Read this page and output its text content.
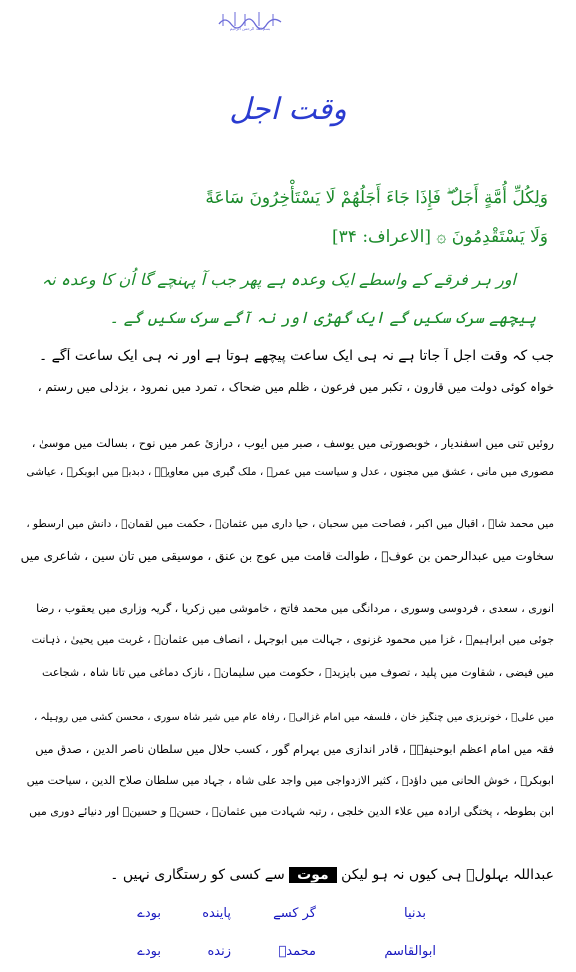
بسم اللہ الرحمن الرحیم
وقت اجل
وَلِكُلِّ أُمَّةٍ أَجَلٌ ۖ فَإِذَا جَاءَ أَجَلُهُمْ لَا يَسْتَأْخِرُونَ سَاعَةً
وَلَا يَسْتَقْدِمُونَ ۞ [الاعراف: ۳۴]
اور ہر فرقے کے واسطے ایک وعدہ ہے پھر جب آ پہنچے گا اُن کا وعدہ نہ
پیچھے سرک سکیں گے ایک گھڑی اور نہ آگے سرک سکیں گے ۔
جب کہ وقت اجل آ جاتا ہے نہ ہی ایک ساعت پیچھے ہوتا ہے اور نہ ہی ایک ساعت آگے ۔
خواہ کوئی دولت میں قارون ، تکبر میں فرعون ، ظلم میں ضحاک ، تمرد میں نمرود ، بزدلی میں رستم ،
روئیں تنی میں اسفندیار ، خوبصورتی میں یوسف ، صبر میں ایوب ، درازئ عمر میں نوح ، بسالت میں موسیٰ ،
مصوری میں مانی ، عشق میں مجنوں ، عدل و سیاست میں عمرؓ ، ملک گیری میں معاویہؓ ، دبدبہ میں ابوبکرؓ ، عیاشی
میں محمد شاہ ، اقبال میں اکبر ، فصاحت میں سحبان ، حیا داری میں عثمانؓ ، حکمت میں لقمانؑ ، دانش میں ارسطو ،
سخاوت میں عبدالرحمن بن عوفؓ ، طوالت قامت میں عوج بن عنق ، موسیقی میں تان سین ، شاعری میں
انوری ، سعدی ، فردوسی وسوری ، مردانگی میں محمد فاتح ، خاموشی میں زکریا ، گریہ وزاری میں یعقوب ، رضا
جوئی میں ابراہیمؑ ، غزا میں محمود غزنوی ، جہالت میں ابوجہل ، انصاف میں عثمانؓ ، غربت میں یحییٰ ، ذہانت
میں فیضی ، شقاوت میں پلید ، تصوف میں بایزیدؒ ، حکومت میں سلیمانؑ ، نازک دماغی میں تانا شاہ ، شجاعت
میں علیؓ ، خونریزی میں چنگیز خان ، فلسفہ میں امام غزالیؒ ، رفاہ عام میں شیر شاہ سوری ، محسن کشی میں روہیلہ ،
فقہ میں امام اعظم ابوحنیفہؒ ، قادر اندازی میں بہرام گور ، کسب حلال میں سلطان ناصر الدین ، صدق میں
ابوبکرؓ ، خوش الحانی میں داؤدؑ ، کثیر الازدواجی میں واجد علی شاہ ، جہاد میں سلطان صلاح الدین ، سیاحت میں
ابن بطوطہ ، پختگی ارادہ میں علاء الدین خلجی ، رتبہ شہادت میں عثمانؓ ، حسنؓ و حسینؓ اور دنیائے دوری میں
عبداللہ بہلولؒ ہی کیوں نہ ہو لیکن موت سے کسی کو رستگاری نہیں ۔
بدنیا
گر کسے
پاینده
بودے
ابوالقاسم
محمدؐ
زنده
بودے
